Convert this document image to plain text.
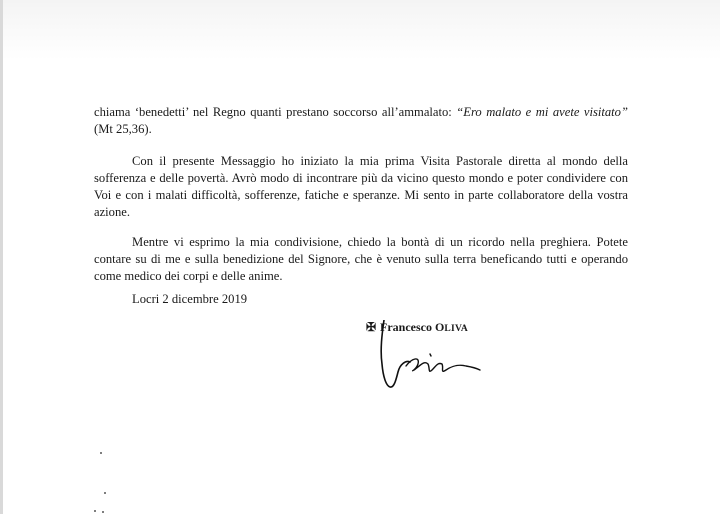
chiama ‘benedetti’ nel Regno quanti prestano soccorso all’ammalato: “Ero malato e mi avete visitato” (Mt 25,36).
Con il presente Messaggio ho iniziato la mia prima Visita Pastorale diretta al mondo della sofferenza e delle povertà. Avrò modo di incontrare più da vicino questo mondo e poter condividere con Voi e con i malati difficoltà, sofferenze, fatiche e speranze. Mi sento in parte collaboratore della vostra azione.
Mentre vi esprimo la mia condivisione, chiedo la bontà di un ricordo nella preghiera. Potete contare su di me e sulla benedizione del Signore, che è venuto sulla terra beneficando tutti e operando come medico dei corpi e delle anime.
Locri 2 dicembre 2019
✠ Francesco OLIVA
